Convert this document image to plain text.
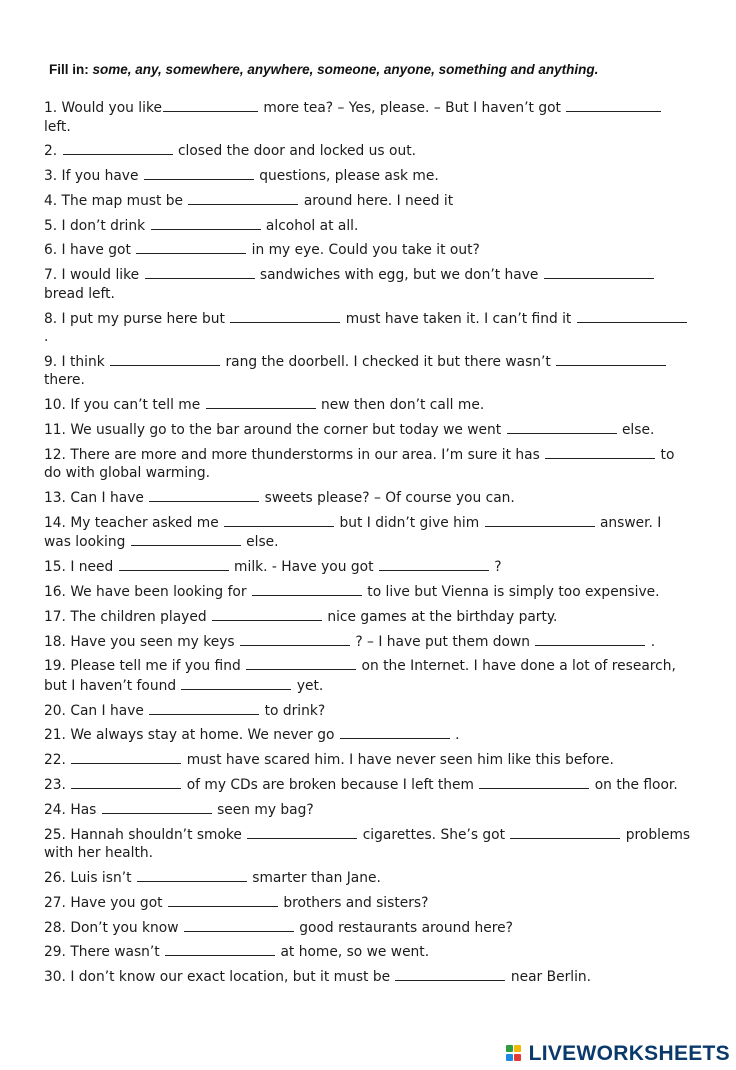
Fill in: some, any, somewhere, anywhere, someone, anyone, something and anything.

1. Would you like	more tea? – Yes, please. – But I haven’t got  left.

2.	closed the door and locked us out.

3. If you have	questions, please ask me.

4. The map must be	around here. I need it

5. I don’t drink	alcohol at all.

6. I have got	in my eye. Could you take it out?

7. I would like	sandwiches with egg, but we don’t have  bread left.

8. I put my purse here but	must have taken it. I can’t find it .

9. I think	rang the doorbell. I checked it but there wasn’t  there.

10. If you can’t tell me	new then don’t call me.

11. We usually go to the bar around the corner but today we went	else.

12. There are more and more thunderstorms in our area. I’m sure it has	to do with global warming.

13. Can I have	sweets please? – Of course you can.

14. My teacher asked me	but I didn’t give him	answer. I was looking	else.

15. I need	milk. - Have you got	?

16. We have been looking for	to live but Vienna is simply too expensive.

17. The children played	nice games at the birthday party.

18. Have you seen my keys	? – I have put them down	.

19. Please tell me if you find	on the Internet. I have done a lot of research, but I haven’t found	yet.

20. Can I have	to drink?

21. We always stay at home. We never go	.

22.	must have scared him. I have never seen him like this before.

23.	of my CDs are broken because I left them	on the floor.

24. Has	seen my bag?

25. Hannah shouldn’t smoke	cigarettes. She’s got	problems with her health.

26. Luis isn’t	smarter than Jane.

27. Have you got	brothers and sisters?

28. Don’t you know	good restaurants around here?

29. There wasn’t	at home, so we went.

30. I don’t know our exact location, but it must be	near Berlin.

LIVEWORKSHEETS
